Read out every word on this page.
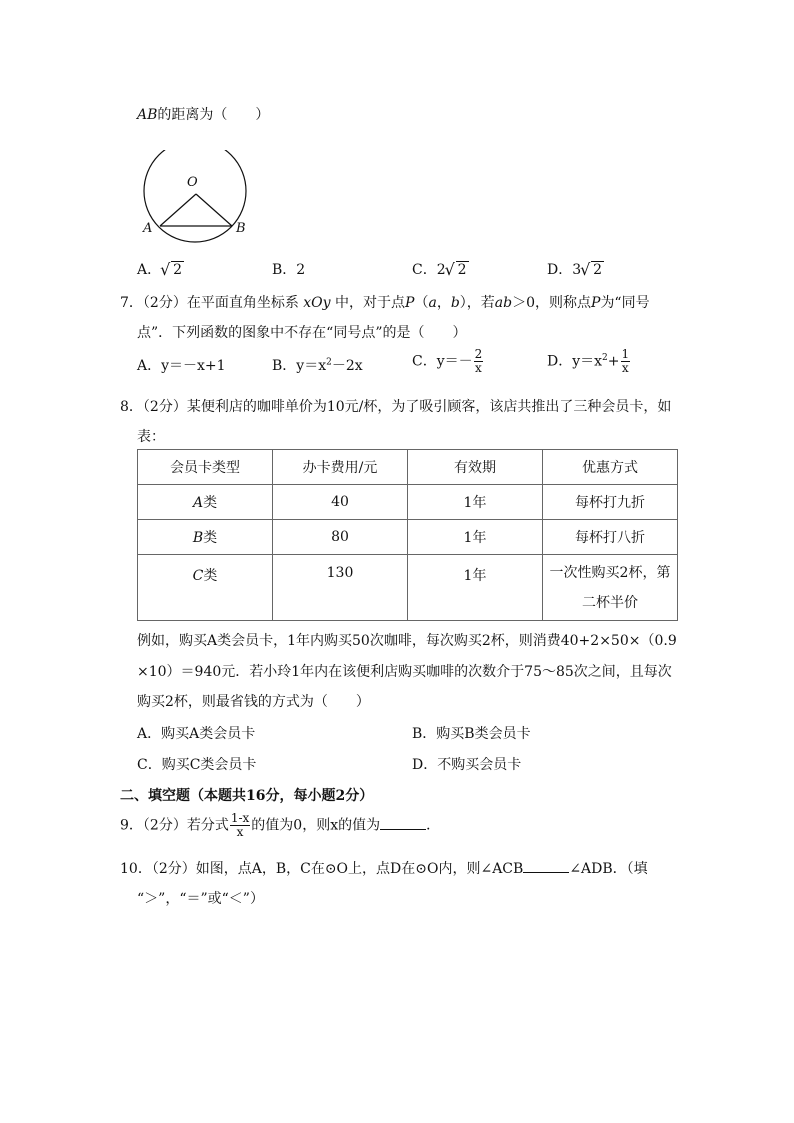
AB的距离为（　　）
O
A	B
A． √ 2	B．2	C．2 √ 2	D．3 √ 2
7．（2分）在平面直角坐标系 xOy 中，对于点P（a，b），若ab＞0，则称点P为“同号
点”．下列函数的图象中不存在“同号点”的是（　　）
A．y＝－x+1	B．$y=x^2-2x$	C．$y=- \frac{2}{x}$	D．$y=x^2+ \frac{1}{x}$
8．（2分）某便利店的咖啡单价为10元/杯，为了吸引顾客，该店共推出了三种会员卡，如
表：
会员卡类型	办卡费用/元	有效期	优惠方式
A类	40	1年	每杯打九折
B类	80	1年	每杯打八折
C类	130	1年	一次性购买2杯，第
二杯半价
例如，购买A类会员卡，1年内购买50次咖啡，每次购买2杯，则消费40+2×50×（0.9
×10）＝940元．若小玲1年内在该便利店购买咖啡的次数介于75～85次之间，且每次
购买2杯，则最省钱的方式为（　　）
A．购买A类会员卡	B．购买B类会员卡
C．购买C类会员卡	D．不购买会员卡
二、填空题（本题共16分，每小题2分）
9．（2分）若分式 $\frac{1-x}{x}$ 的值为0，则x的值为	．
10．（2分）如图，点A，B，C在⊙O上，点D在⊙O内，则∠ACB	∠ADB．（填
“＞”，“＝”或“＜”）
